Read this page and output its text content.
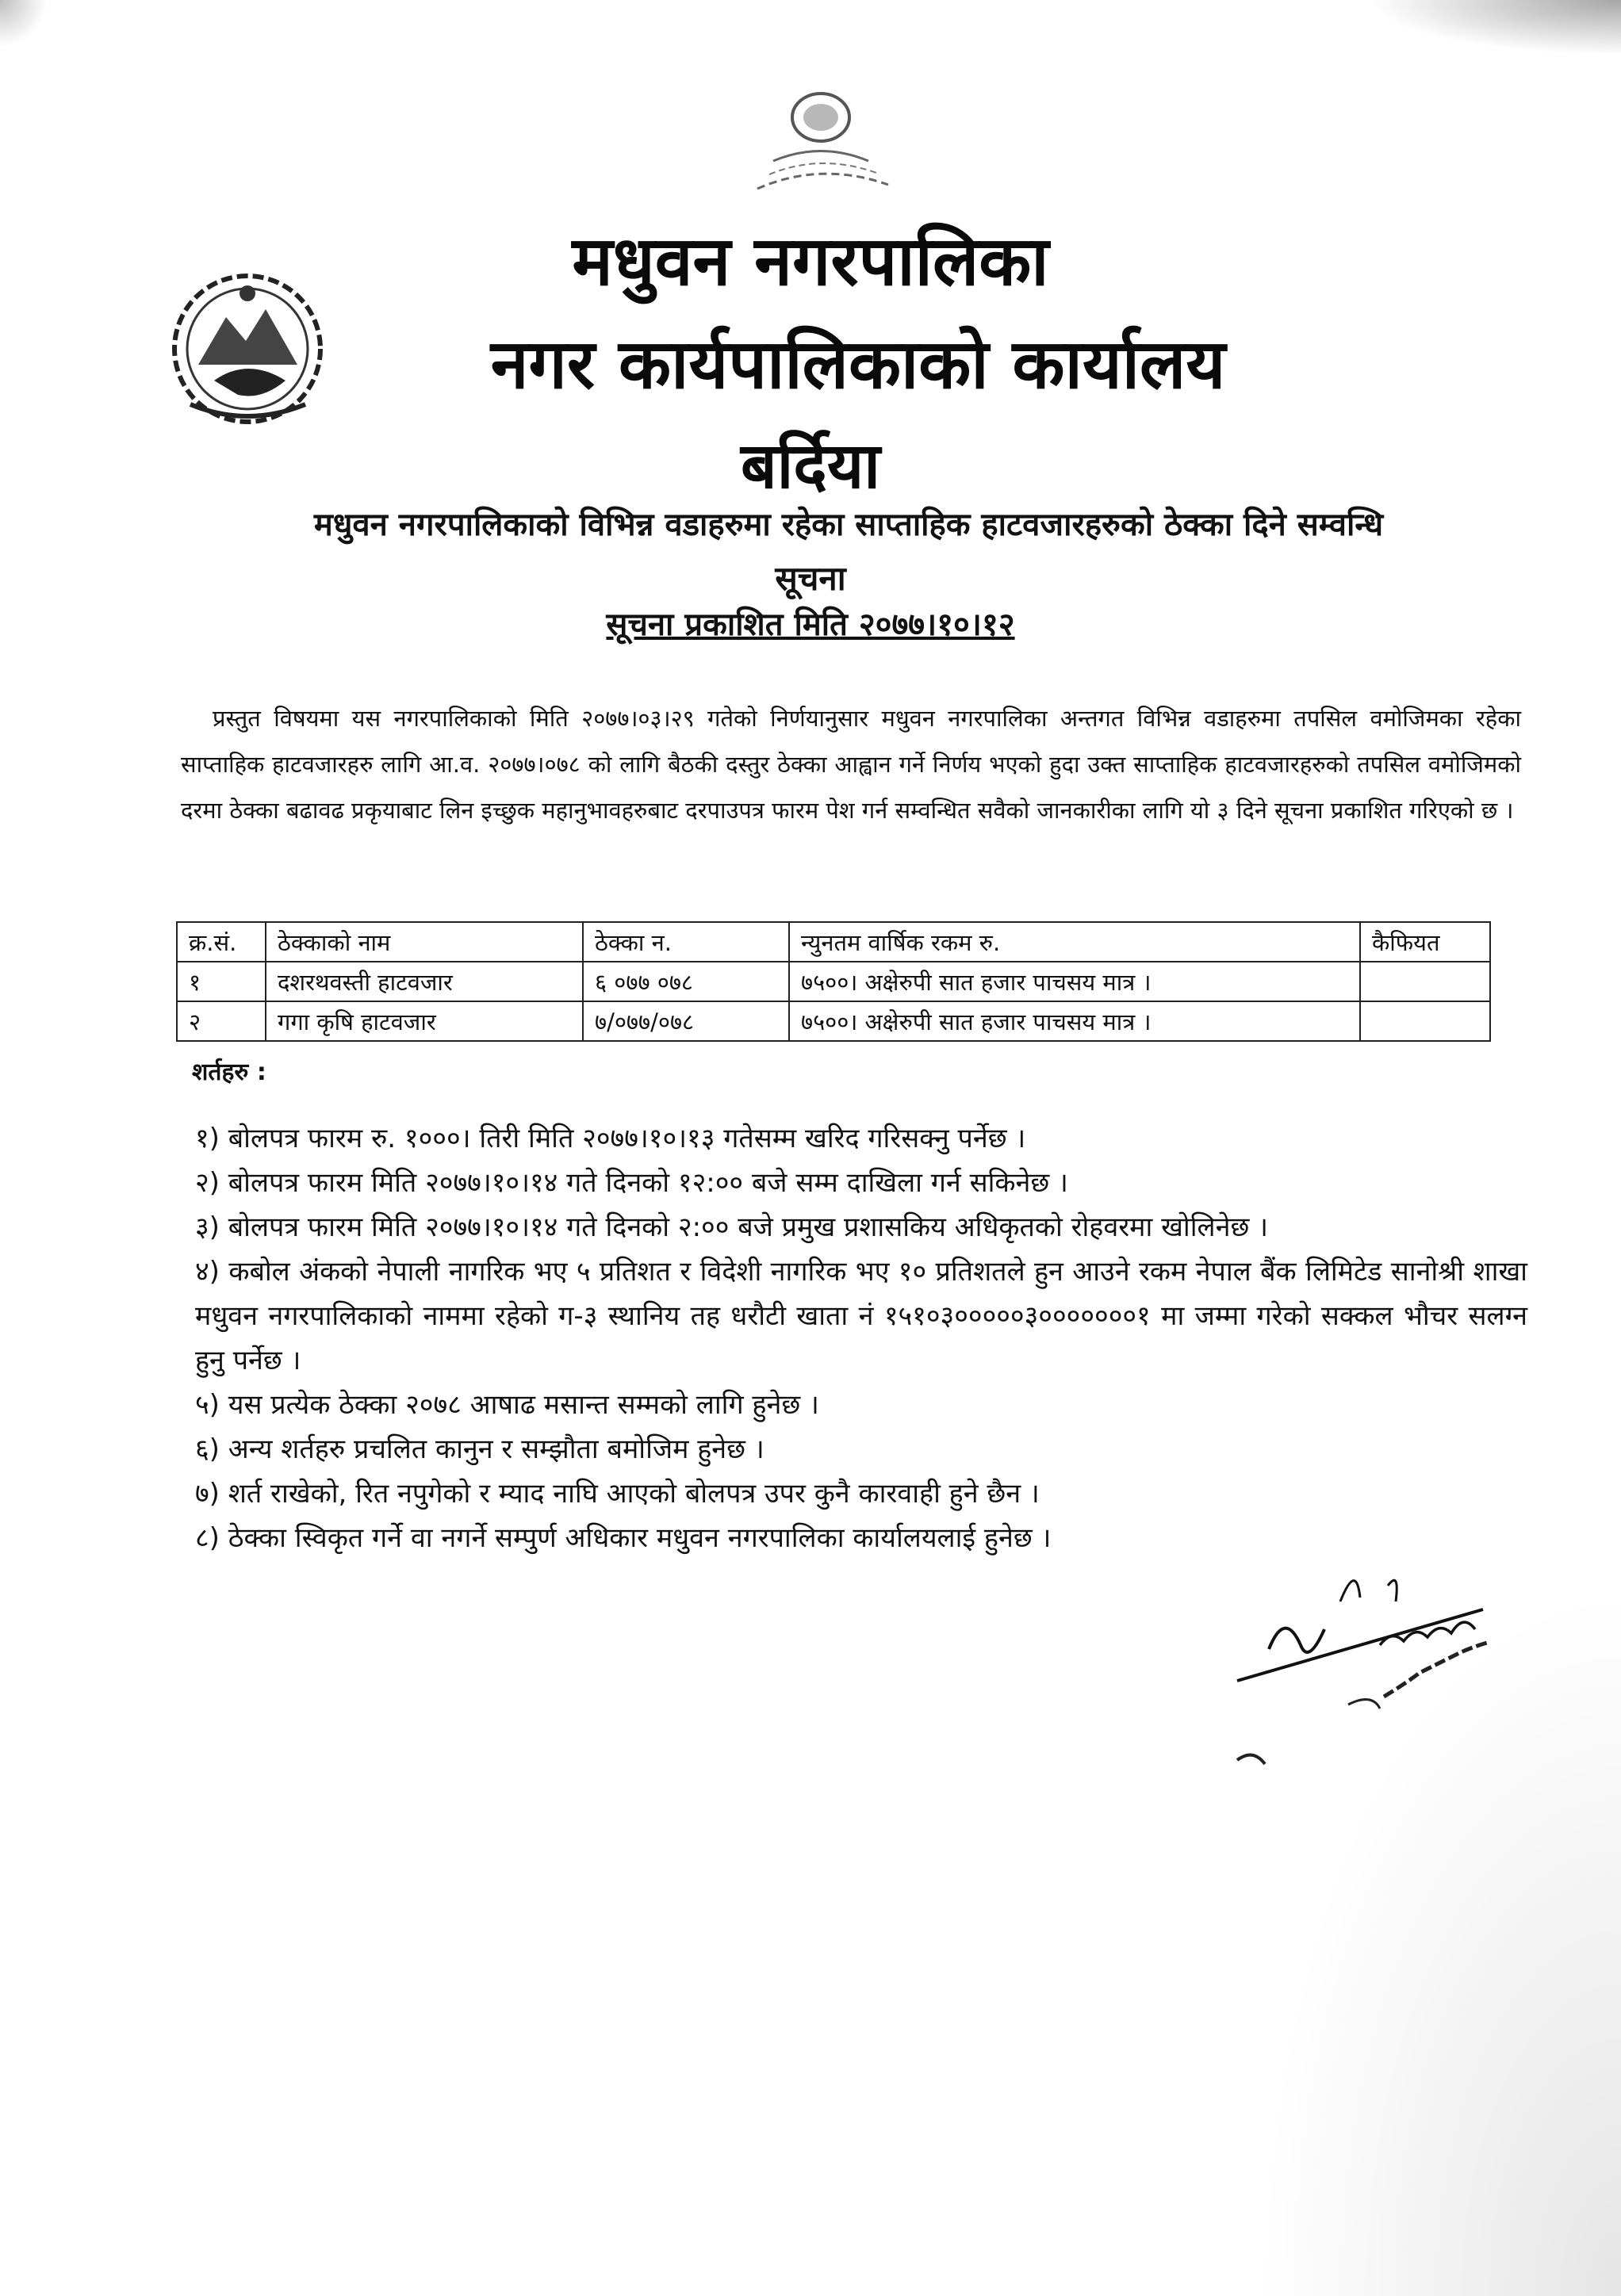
मधुवन नगरपालिका
नगर कार्यपालिकाको कार्यालय
बर्दिया
मधुवन नगरपालिकाको विभिन्न वडाहरुमा रहेका साप्ताहिक हाटवजारहरुको ठेक्का दिने सम्वन्धि
सूचना
सूचना प्रकाशित मिति २०७७।१०।१२

प्रस्तुत विषयमा यस नगरपालिकाको मिति २०७७।०३।२९ गतेको निर्णयानुसार मधुवन नगरपालिका अन्तगत विभिन्न वडाहरुमा तपसिल वमोजिमका रहेका साप्ताहिक हाटवजारहरु लागि आ.व. २०७७।०७८ को लागि बैठकी दस्तुर ठेक्का आह्वान गर्ने निर्णय भएको हुदा उक्त साप्ताहिक हाटवजारहरुको तपसिल वमोजिमको दरमा ठेक्का बढावढ प्रकृयाबाट लिन इच्छुक महानुभावहरुबाट दरपाउपत्र फारम पेश गर्न सम्वन्धित सवैको जानकारीका लागि यो ३ दिने सूचना प्रकाशित गरिएको छ ।

क्र.सं.	ठेक्काको नाम	ठेक्का न.	न्युनतम वार्षिक रकम रु.	कैफियत
१	दशरथवस्ती हाटवजार	६ ०७७ ०७८	७५००। अक्षेरुपी सात हजार पाचसय मात्र ।	
२	गगा कृषि हाटवजार	७/०७७/०७८	७५००। अक्षेरुपी सात हजार पाचसय मात्र ।	
शर्तहरु :

१) बोलपत्र फारम रु. १०००। तिरी मिति २०७७।१०।१३ गतेसम्म खरिद गरिसक्नु पर्नेछ ।

२) बोलपत्र फारम मिति २०७७।१०।१४ गते दिनको १२:०० बजे सम्म दाखिला गर्न सकिनेछ ।

३) बोलपत्र फारम मिति २०७७।१०।१४ गते दिनको २:०० बजे प्रमुख प्रशासकिय अधिकृतको रोहवरमा खोलिनेछ ।

४) कबोल अंकको नेपाली नागरिक भए ५ प्रतिशत र विदेशी नागरिक भए १० प्रतिशतले हुन आउने रकम नेपाल बैंक लिमिटेड सानोश्री शाखा मधुवन नगरपालिकाको नाममा रहेको ग-३ स्थानिय तह धरौटी खाता नं १५१०३०००००३०००००००१ मा जम्मा गरेको सक्कल भौचर सलग्न हुनु पर्नेछ ।

५) यस प्रत्येक ठेक्का २०७८ आषाढ मसान्त सम्मको लागि हुनेछ ।

६) अन्य शर्तहरु प्रचलित कानुन र सम्झौता बमोजिम हुनेछ ।

७) शर्त राखेको, रित नपुगेको र म्याद नाघि आएको बोलपत्र उपर कुनै कारवाही हुने छैन ।

८) ठेक्का स्विकृत गर्ने वा नगर्ने सम्पुर्ण अधिकार मधुवन नगरपालिका कार्यालयलाई हुनेछ ।
